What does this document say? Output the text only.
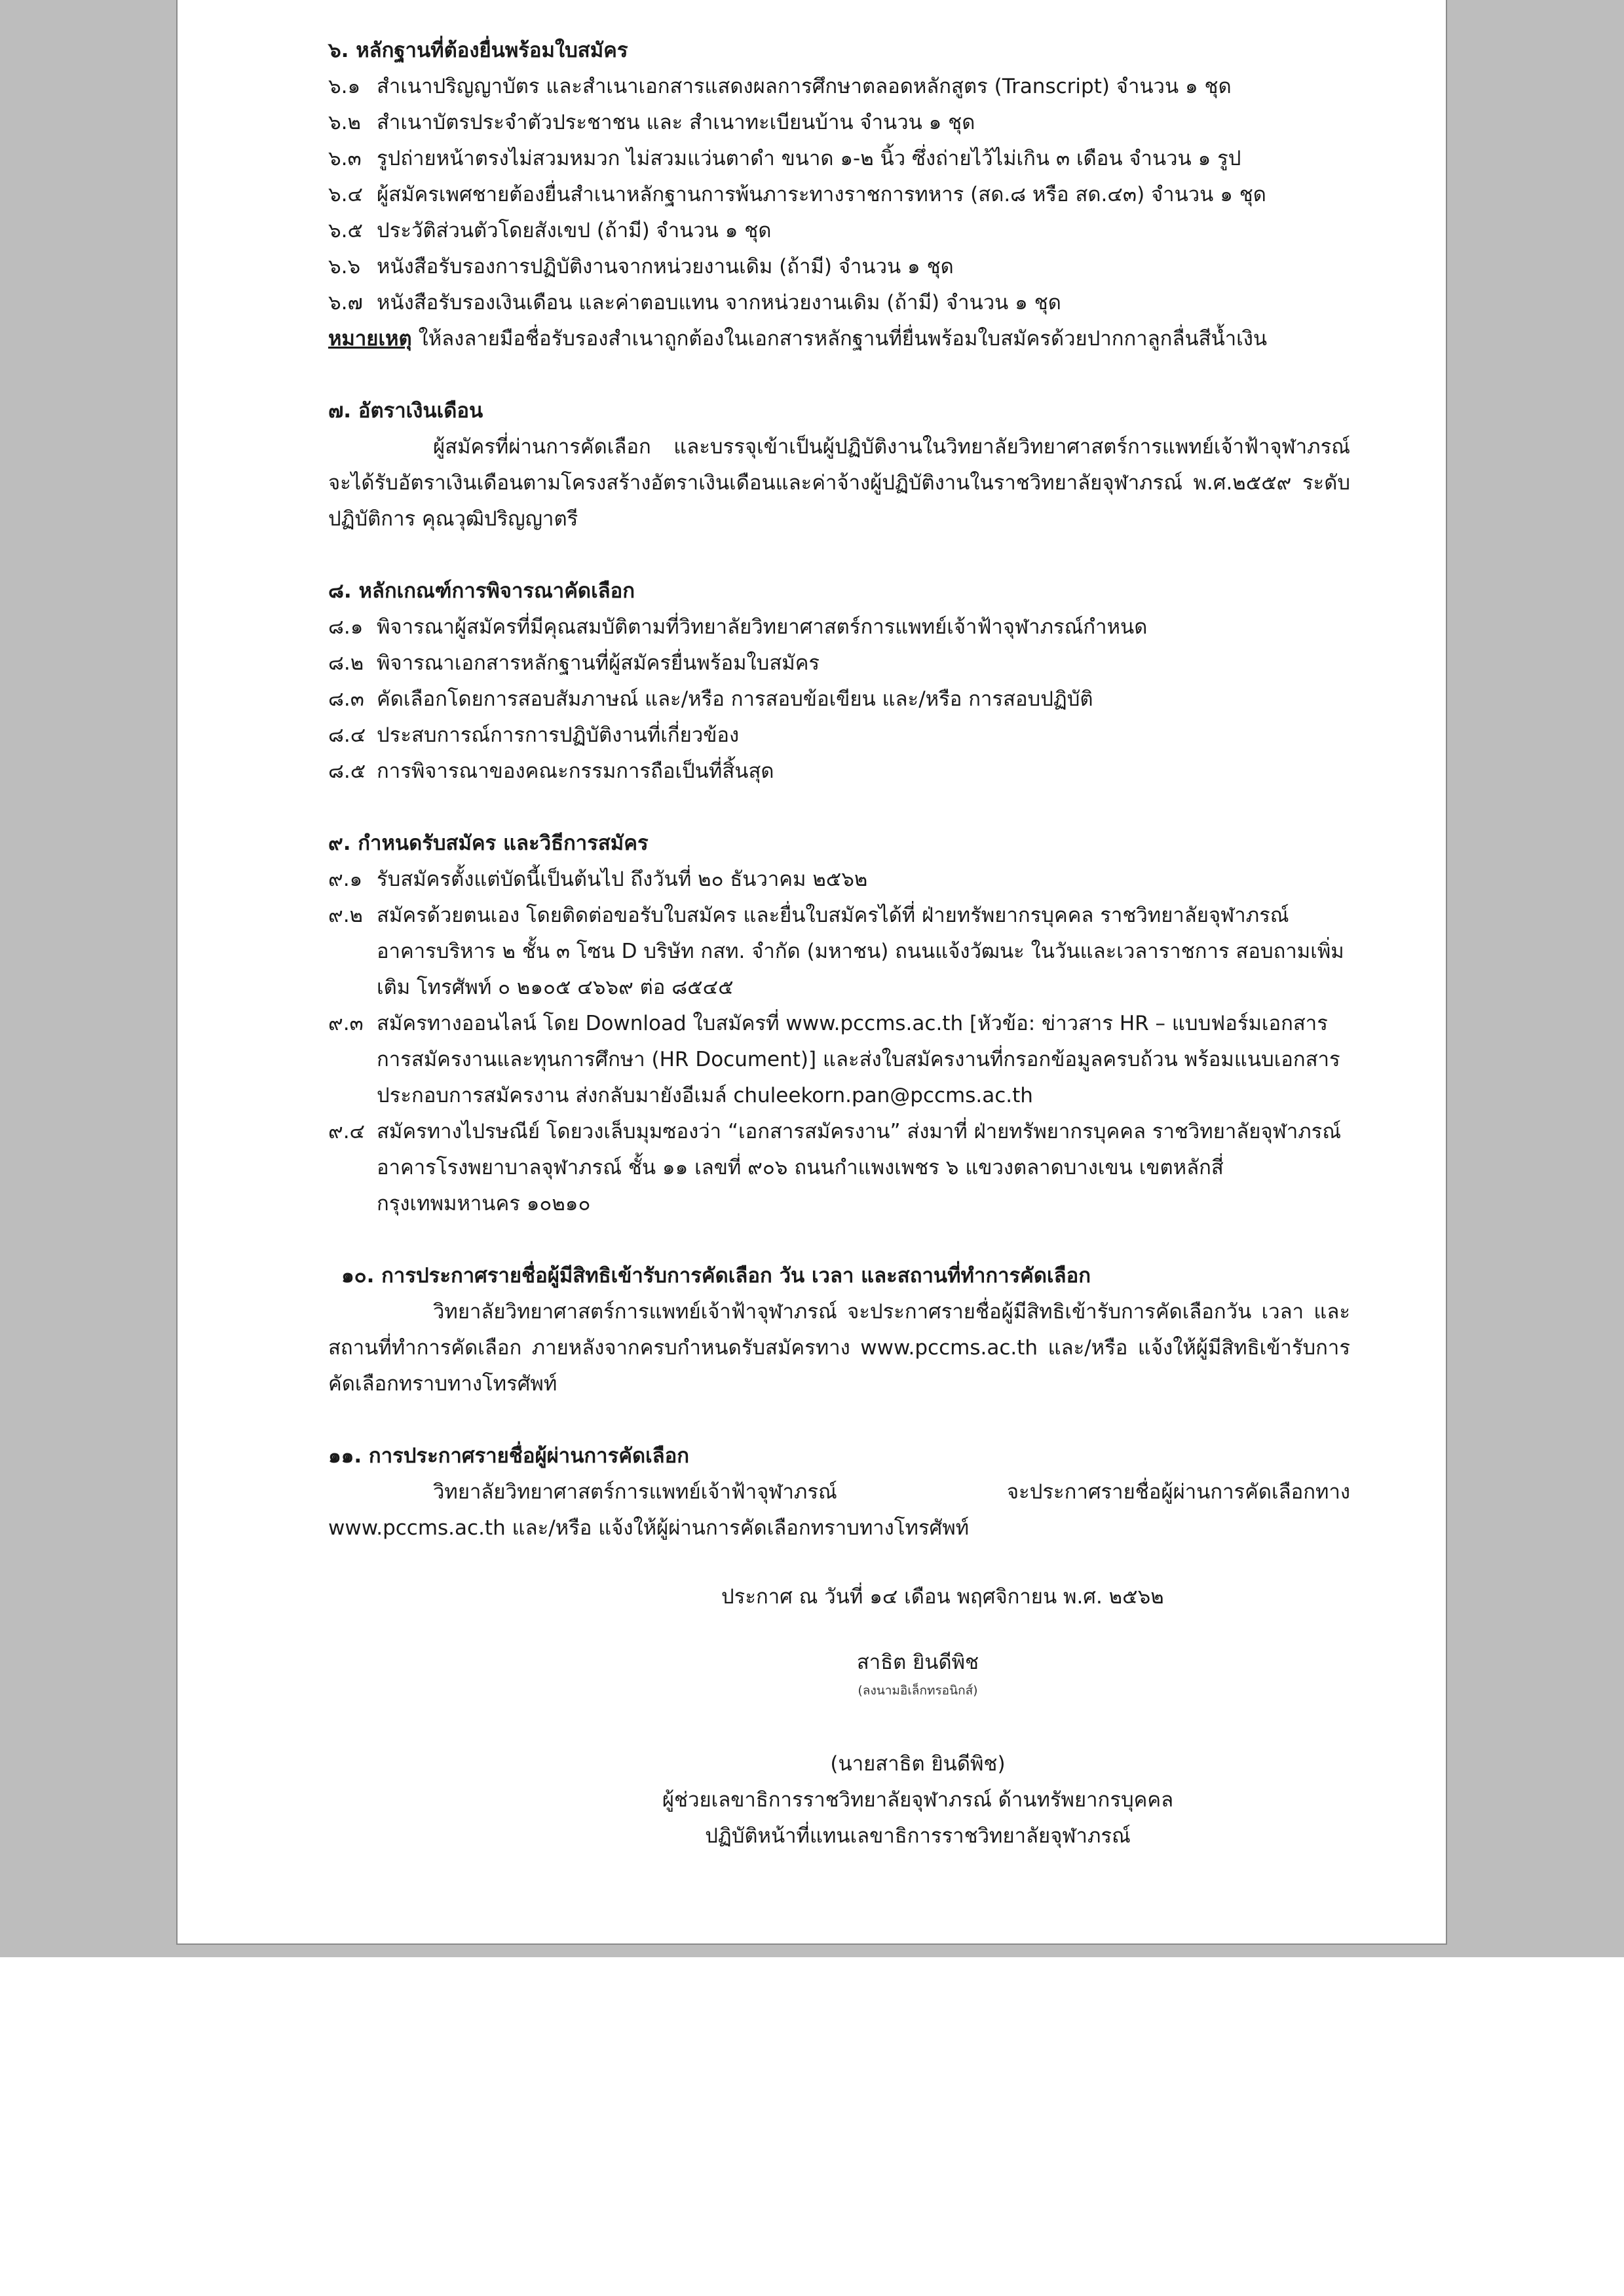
๖. หลักฐานที่ต้องยื่นพร้อมใบสมัคร
๖.๑ สำเนาปริญญาบัตร และสำเนาเอกสารแสดงผลการศึกษาตลอดหลักสูตร (Transcript) จำนวน ๑ ชุด
๖.๒ สำเนาบัตรประจำตัวประชาชน และ สำเนาทะเบียนบ้าน จำนวน ๑ ชุด
๖.๓ รูปถ่ายหน้าตรงไม่สวมหมวก ไม่สวมแว่นตาดำ ขนาด ๑-๒ นิ้ว ซึ่งถ่ายไว้ไม่เกิน ๓ เดือน จำนวน ๑ รูป
๖.๔ ผู้สมัครเพศชายต้องยื่นสำเนาหลักฐานการพ้นภาระทางราชการทหาร (สด.๘ หรือ สด.๔๓) จำนวน ๑ ชุด
๖.๕ ประวัติส่วนตัวโดยสังเขป (ถ้ามี) จำนวน ๑ ชุด
๖.๖ หนังสือรับรองการปฏิบัติงานจากหน่วยงานเดิม (ถ้ามี) จำนวน ๑ ชุด
๖.๗ หนังสือรับรองเงินเดือน และค่าตอบแทน จากหน่วยงานเดิม (ถ้ามี) จำนวน ๑ ชุด
หมายเหตุ ให้ลงลายมือชื่อรับรองสำเนาถูกต้องในเอกสารหลักฐานที่ยื่นพร้อมใบสมัครด้วยปากกาลูกลื่นสีน้ำเงิน
๗. อัตราเงินเดือน
ผู้สมัครที่ผ่านการคัดเลือก และบรรจุเข้าเป็นผู้ปฏิบัติงานในวิทยาลัยวิทยาศาสตร์การแพทย์เจ้าฟ้าจุฬาภรณ์ จะได้รับอัตราเงินเดือนตามโครงสร้างอัตราเงินเดือนและค่าจ้างผู้ปฏิบัติงานในราชวิทยาลัยจุฬาภรณ์ พ.ศ.๒๕๕๙ ระดับปฏิบัติการ คุณวุฒิปริญญาตรี
๘. หลักเกณฑ์การพิจารณาคัดเลือก
๘.๑ พิจารณาผู้สมัครที่มีคุณสมบัติตามที่วิทยาลัยวิทยาศาสตร์การแพทย์เจ้าฟ้าจุฬาภรณ์กำหนด
๘.๒ พิจารณาเอกสารหลักฐานที่ผู้สมัครยื่นพร้อมใบสมัคร
๘.๓ คัดเลือกโดยการสอบสัมภาษณ์ และ/หรือ การสอบข้อเขียน และ/หรือ การสอบปฏิบัติ
๘.๔ ประสบการณ์การการปฏิบัติงานที่เกี่ยวข้อง
๘.๕ การพิจารณาของคณะกรรมการถือเป็นที่สิ้นสุด
๙. กำหนดรับสมัคร และวิธีการสมัคร
๙.๑ รับสมัครตั้งแต่บัดนี้เป็นต้นไป ถึงวันที่ ๒๐ ธันวาคม ๒๕๖๒
๙.๒ สมัครด้วยตนเอง โดยติดต่อขอรับใบสมัคร และยื่นใบสมัครได้ที่ ฝ่ายทรัพยากรบุคคล ราชวิทยาลัยจุฬาภรณ์ อาคารบริหาร ๒ ชั้น ๓ โซน D บริษัท กสท. จำกัด (มหาชน) ถนนแจ้งวัฒนะ ในวันและเวลาราชการ สอบถามเพิ่มเติม โทรศัพท์ ๐ ๒๑๐๕ ๔๖๖๙ ต่อ ๘๕๔๕
๙.๓ สมัครทางออนไลน์ โดย Download ใบสมัครที่ www.pccms.ac.th [หัวข้อ: ข่าวสาร HR – แบบฟอร์มเอกสารการสมัครงานและทุนการศึกษา (HR Document)] และส่งใบสมัครงานที่กรอกข้อมูลครบถ้วน พร้อมแนบเอกสารประกอบการสมัครงาน ส่งกลับมายังอีเมล์ chuleekorn.pan@pccms.ac.th
๙.๔ สมัครทางไปรษณีย์ โดยวงเล็บมุมซองว่า “เอกสารสมัครงาน” ส่งมาที่ ฝ่ายทรัพยากรบุคคล ราชวิทยาลัยจุฬาภรณ์ อาคารโรงพยาบาลจุฬาภรณ์ ชั้น ๑๑ เลขที่ ๙๐๖ ถนนกำแพงเพชร ๖ แขวงตลาดบางเขน เขตหลักสี่ กรุงเทพมหานคร ๑๐๒๑๐
๑๐. การประกาศรายชื่อผู้มีสิทธิเข้ารับการคัดเลือก วัน เวลา และสถานที่ทำการคัดเลือก
วิทยาลัยวิทยาศาสตร์การแพทย์เจ้าฟ้าจุฬาภรณ์ จะประกาศรายชื่อผู้มีสิทธิเข้ารับการคัดเลือกวัน เวลา และสถานที่ทำการคัดเลือก ภายหลังจากครบกำหนดรับสมัครทาง www.pccms.ac.th และ/หรือ แจ้งให้ผู้มีสิทธิเข้ารับการคัดเลือกทราบทางโทรศัพท์
๑๑. การประกาศรายชื่อผู้ผ่านการคัดเลือก
วิทยาลัยวิทยาศาสตร์การแพทย์เจ้าฟ้าจุฬาภรณ์ จะประกาศรายชื่อผู้ผ่านการคัดเลือกทาง www.pccms.ac.th และ/หรือ แจ้งให้ผู้ผ่านการคัดเลือกทราบทางโทรศัพท์
ประกาศ ณ วันที่ ๑๔ เดือน พฤศจิกายน พ.ศ. ๒๕๖๒
สาธิต ยินดีพิช
(ลงนามอิเล็กทรอนิกส์)
(นายสาธิต ยินดีพิช)
ผู้ช่วยเลขาธิการราชวิทยาลัยจุฬาภรณ์ ด้านทรัพยากรบุคคล
ปฏิบัติหน้าที่แทนเลขาธิการราชวิทยาลัยจุฬาภรณ์
